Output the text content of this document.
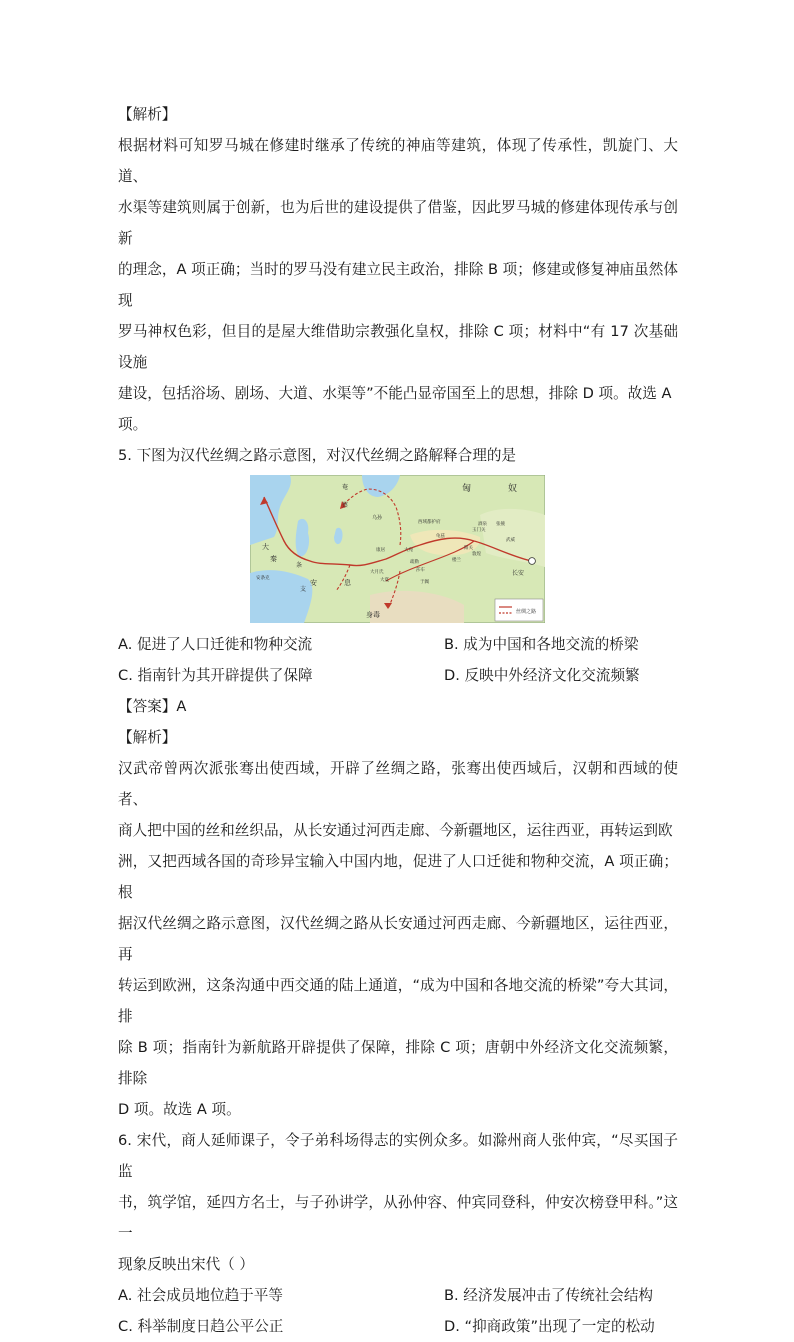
【解析】

根据材料可知罗马城在修建时继承了传统的神庙等建筑，体现了传承性，凯旋门、大道、

水渠等建筑则属于创新，也为后世的建设提供了借鉴，因此罗马城的修建体现传承与创新

的理念，A 项正确；当时的罗马没有建立民主政治，排除 B 项；修建或修复神庙虽然体现

罗马神权色彩，但目的是屋大维借助宗教强化皇权，排除 C 项；材料中“有 17 次基础设施

建设，包括浴场、剧场、大道、水渠等”不能凸显帝国至上的思想，排除 D 项。故选 A

项。

5. 下图为汉代丝绸之路示意图，对汉代丝绸之路解释合理的是

丝绸之路
匈	奴
奄
蔡
大
秦
条
支
安	息
乌孙
西域都护府
康居
大月氏
大夏
大宛
疏勒
莎车
于阗
龟兹
楼兰
玉门关
阳关
敦煌
酒泉 张掖
武威
长安
身毒
安条克
A. 促进了人口迁徙和物种交流	B. 成为中国和各地交流的桥梁
C. 指南针为其开辟提供了保障	D. 反映中外经济文化交流频繁

【答案】A

【解析】

汉武帝曾两次派张骞出使西域，开辟了丝绸之路，张骞出使西域后，汉朝和西域的使者、

商人把中国的丝和丝织品，从长安通过河西走廊、今新疆地区，运往西亚，再转运到欧

洲，又把西域各国的奇珍异宝输入中国内地，促进了人口迁徙和物种交流，A 项正确；根

据汉代丝绸之路示意图，汉代丝绸之路从长安通过河西走廊、今新疆地区，运往西亚，再

转运到欧洲，这条沟通中西交通的陆上通道，“成为中国和各地交流的桥梁”夸大其词，排

除 B 项；指南针为新航路开辟提供了保障，排除 C 项；唐朝中外经济文化交流频繁，排除

D 项。故选 A 项。

6. 宋代，商人延师课子，令子弟科场得志的实例众多。如滁州商人张仲宾，“尽买国子监

书，筑学馆，延四方名士，与子孙讲学，从孙仲容、仲宾同登科，仲安次榜登甲科。”这一

现象反映出宋代（ ）

A. 社会成员地位趋于平等	B. 经济发展冲击了传统社会结构
C. 科举制度日趋公平公正	D. “抑商政策”出现了一定的松动
